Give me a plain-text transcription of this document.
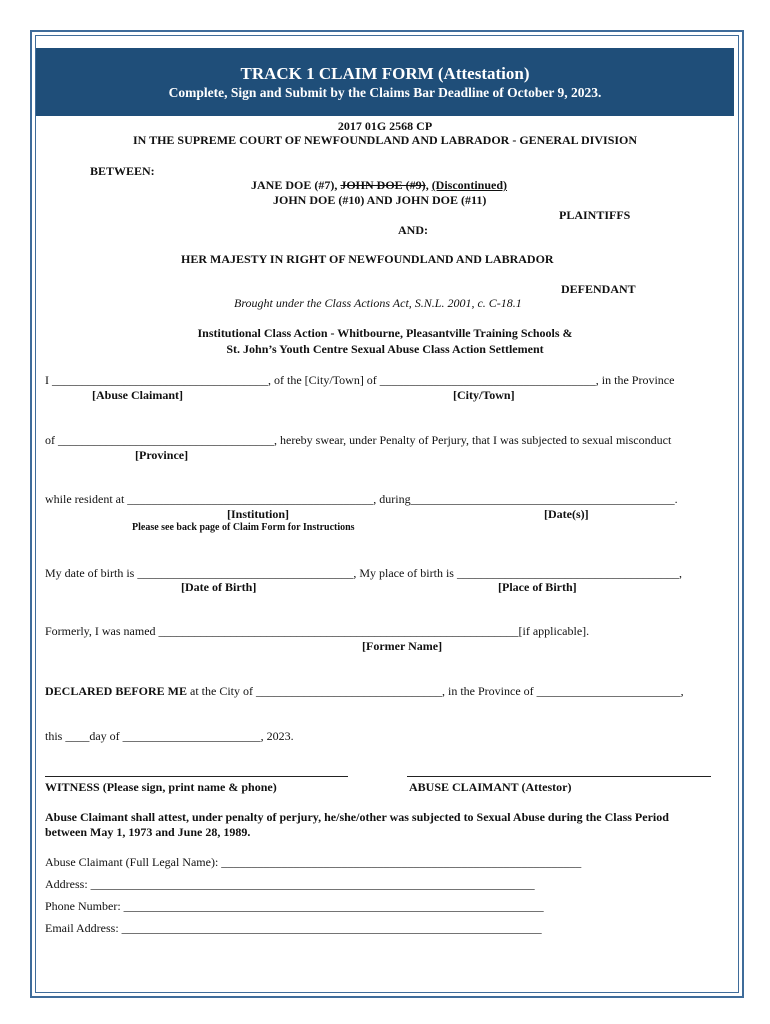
TRACK 1 CLAIM FORM (Attestation)
Complete, Sign and Submit by the Claims Bar Deadline of October 9, 2023.
2017 01G 2568 CP
IN THE SUPREME COURT OF NEWFOUNDLAND AND LABRADOR - GENERAL DIVISION
BETWEEN:
JANE DOE (#7), JOHN DOE (#9), (Discontinued)
JOHN DOE (#10) AND JOHN DOE (#11)
PLAINTIFFS
AND:
HER MAJESTY IN RIGHT OF NEWFOUNDLAND AND LABRADOR
DEFENDANT
Brought under the Class Actions Act, S.N.L. 2001, c. C-18.1
Institutional Class Action - Whitbourne, Pleasantville Training Schools &
St. John’s Youth Centre Sexual Abuse Class Action Settlement
I ____________________________________, of the [City/Town] of ____________________________________, in the Province
[Abuse Claimant]	[City/Town]
of ____________________________________, hereby swear, under Penalty of Perjury, that I was subjected to sexual misconduct
[Province]
while resident at _________________________________________, during____________________________________________.
[Institution]	[Date(s)]
Please see back page of Claim Form for Instructions
My date of birth is ____________________________________, My place of birth is _____________________________________,
[Date of Birth]	[Place of Birth]
Formerly, I was named ____________________________________________________________[if applicable].
[Former Name]
DECLARED BEFORE ME at the City of _______________________________, in the Province of ________________________,
this ____day of _______________________, 2023.
WITNESS (Please sign, print name & phone)	ABUSE CLAIMANT (Attestor)
Abuse Claimant shall attest, under penalty of perjury, he/she/other was subjected to Sexual Abuse during the Class Period
between May 1, 1973 and June 28, 1989.
Abuse Claimant (Full Legal Name): ____________________________________________________________
Address: __________________________________________________________________________
Phone Number: ______________________________________________________________________
Email Address: ______________________________________________________________________
